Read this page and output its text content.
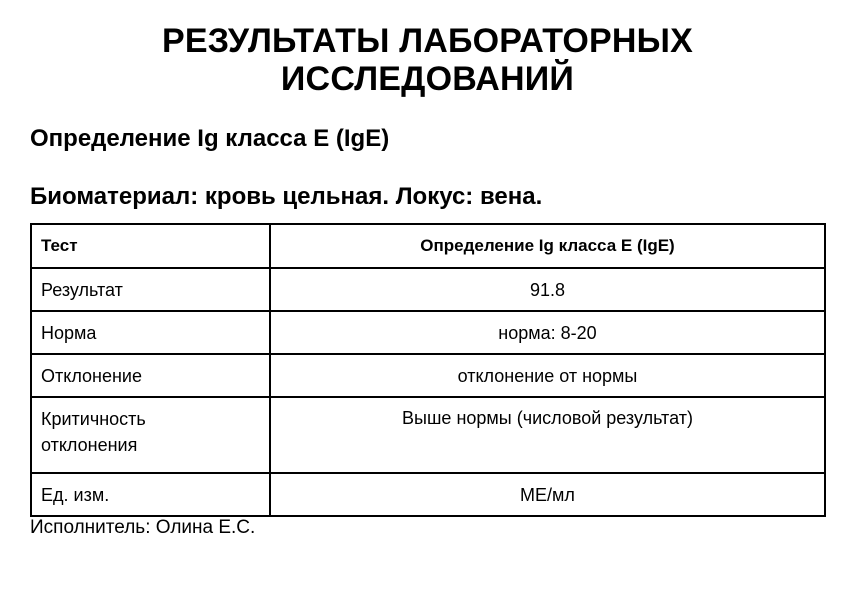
РЕЗУЛЬТАТЫ ЛАБОРАТОРНЫХ
ИССЛЕДОВАНИЙ
Определение Ig класса E (IgE)
Биоматериал: кровь цельная. Локус: вена.
Тест	Определение Ig класса E (IgE)
Результат	91.8
Норма	норма: 8-20
Отклонение	отклонение от нормы
Критичность
отклонения	Выше нормы (числовой результат)
Ед. изм.	МЕ/мл
Исполнитель: Олина Е.С.
